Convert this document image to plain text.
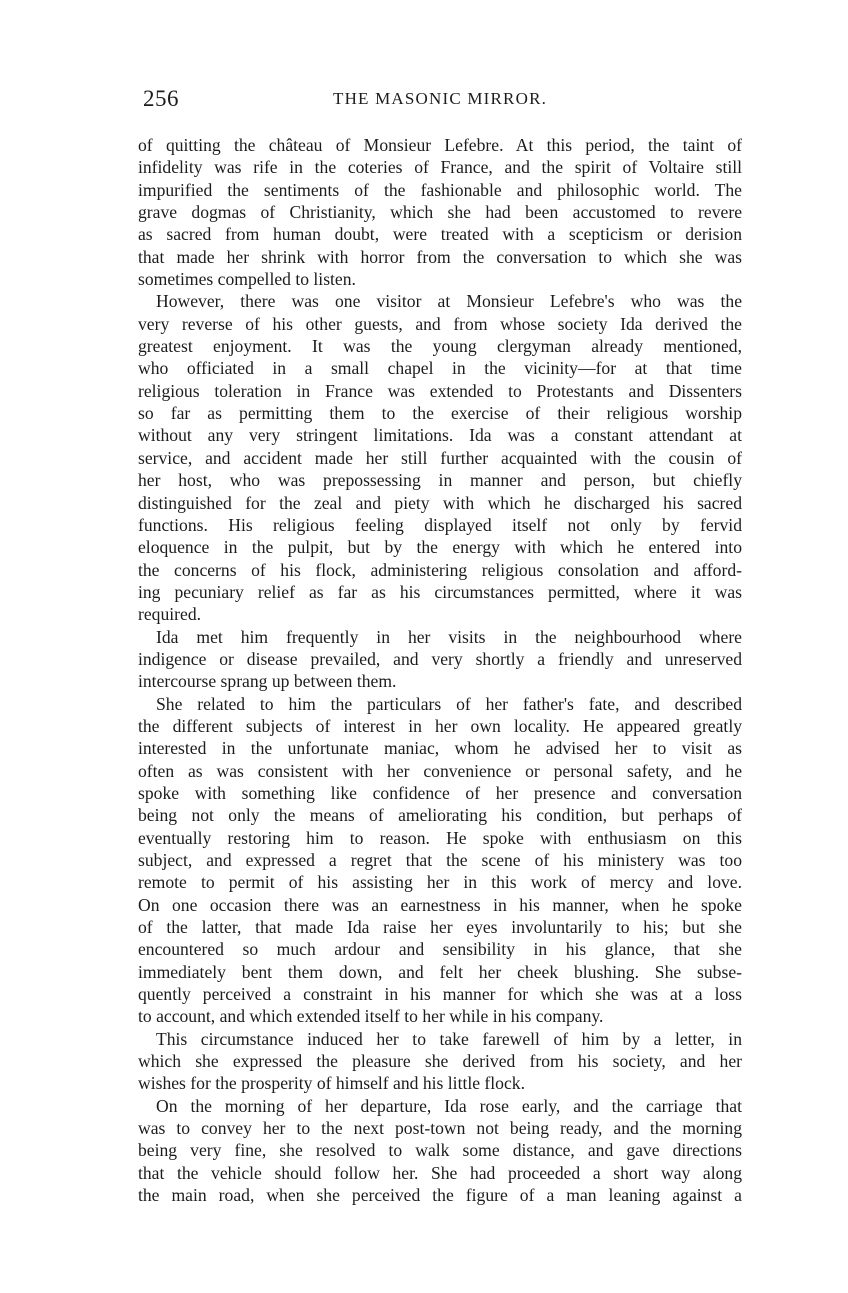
256	THE MASONIC MIRROR.
of quitting the château of Monsieur Lefebre. At this period, the taint of
infidelity was rife in the coteries of France, and the spirit of Voltaire still
impurified the sentiments of the fashionable and philosophic world. The
grave dogmas of Christianity, which she had been accustomed to revere
as sacred from human doubt, were treated with a scepticism or derision
that made her shrink with horror from the conversation to which she was
sometimes compelled to listen.
However, there was one visitor at Monsieur Lefebre's who was the
very reverse of his other guests, and from whose society Ida derived the
greatest enjoyment. It was the young clergyman already mentioned,
who officiated in a small chapel in the vicinity—for at that time
religious toleration in France was extended to Protestants and Dissenters
so far as permitting them to the exercise of their religious worship
without any very stringent limitations. Ida was a constant attendant at
service, and accident made her still further acquainted with the cousin of
her host, who was prepossessing in manner and person, but chiefly
distinguished for the zeal and piety with which he discharged his sacred
functions. His religious feeling displayed itself not only by fervid
eloquence in the pulpit, but by the energy with which he entered into
the concerns of his flock, administering religious consolation and afford-
ing pecuniary relief as far as his circumstances permitted, where it was
required.
Ida met him frequently in her visits in the neighbourhood where
indigence or disease prevailed, and very shortly a friendly and unreserved
intercourse sprang up between them.
She related to him the particulars of her father's fate, and described
the different subjects of interest in her own locality. He appeared greatly
interested in the unfortunate maniac, whom he advised her to visit as
often as was consistent with her convenience or personal safety, and he
spoke with something like confidence of her presence and conversation
being not only the means of ameliorating his condition, but perhaps of
eventually restoring him to reason. He spoke with enthusiasm on this
subject, and expressed a regret that the scene of his ministery was too
remote to permit of his assisting her in this work of mercy and love.
On one occasion there was an earnestness in his manner, when he spoke
of the latter, that made Ida raise her eyes involuntarily to his; but she
encountered so much ardour and sensibility in his glance, that she
immediately bent them down, and felt her cheek blushing. She subse-
quently perceived a constraint in his manner for which she was at a loss
to account, and which extended itself to her while in his company.
This circumstance induced her to take farewell of him by a letter, in
which she expressed the pleasure she derived from his society, and her
wishes for the prosperity of himself and his little flock.
On the morning of her departure, Ida rose early, and the carriage that
was to convey her to the next post-town not being ready, and the morning
being very fine, she resolved to walk some distance, and gave directions
that the vehicle should follow her. She had proceeded a short way along
the main road, when she perceived the figure of a man leaning against a
